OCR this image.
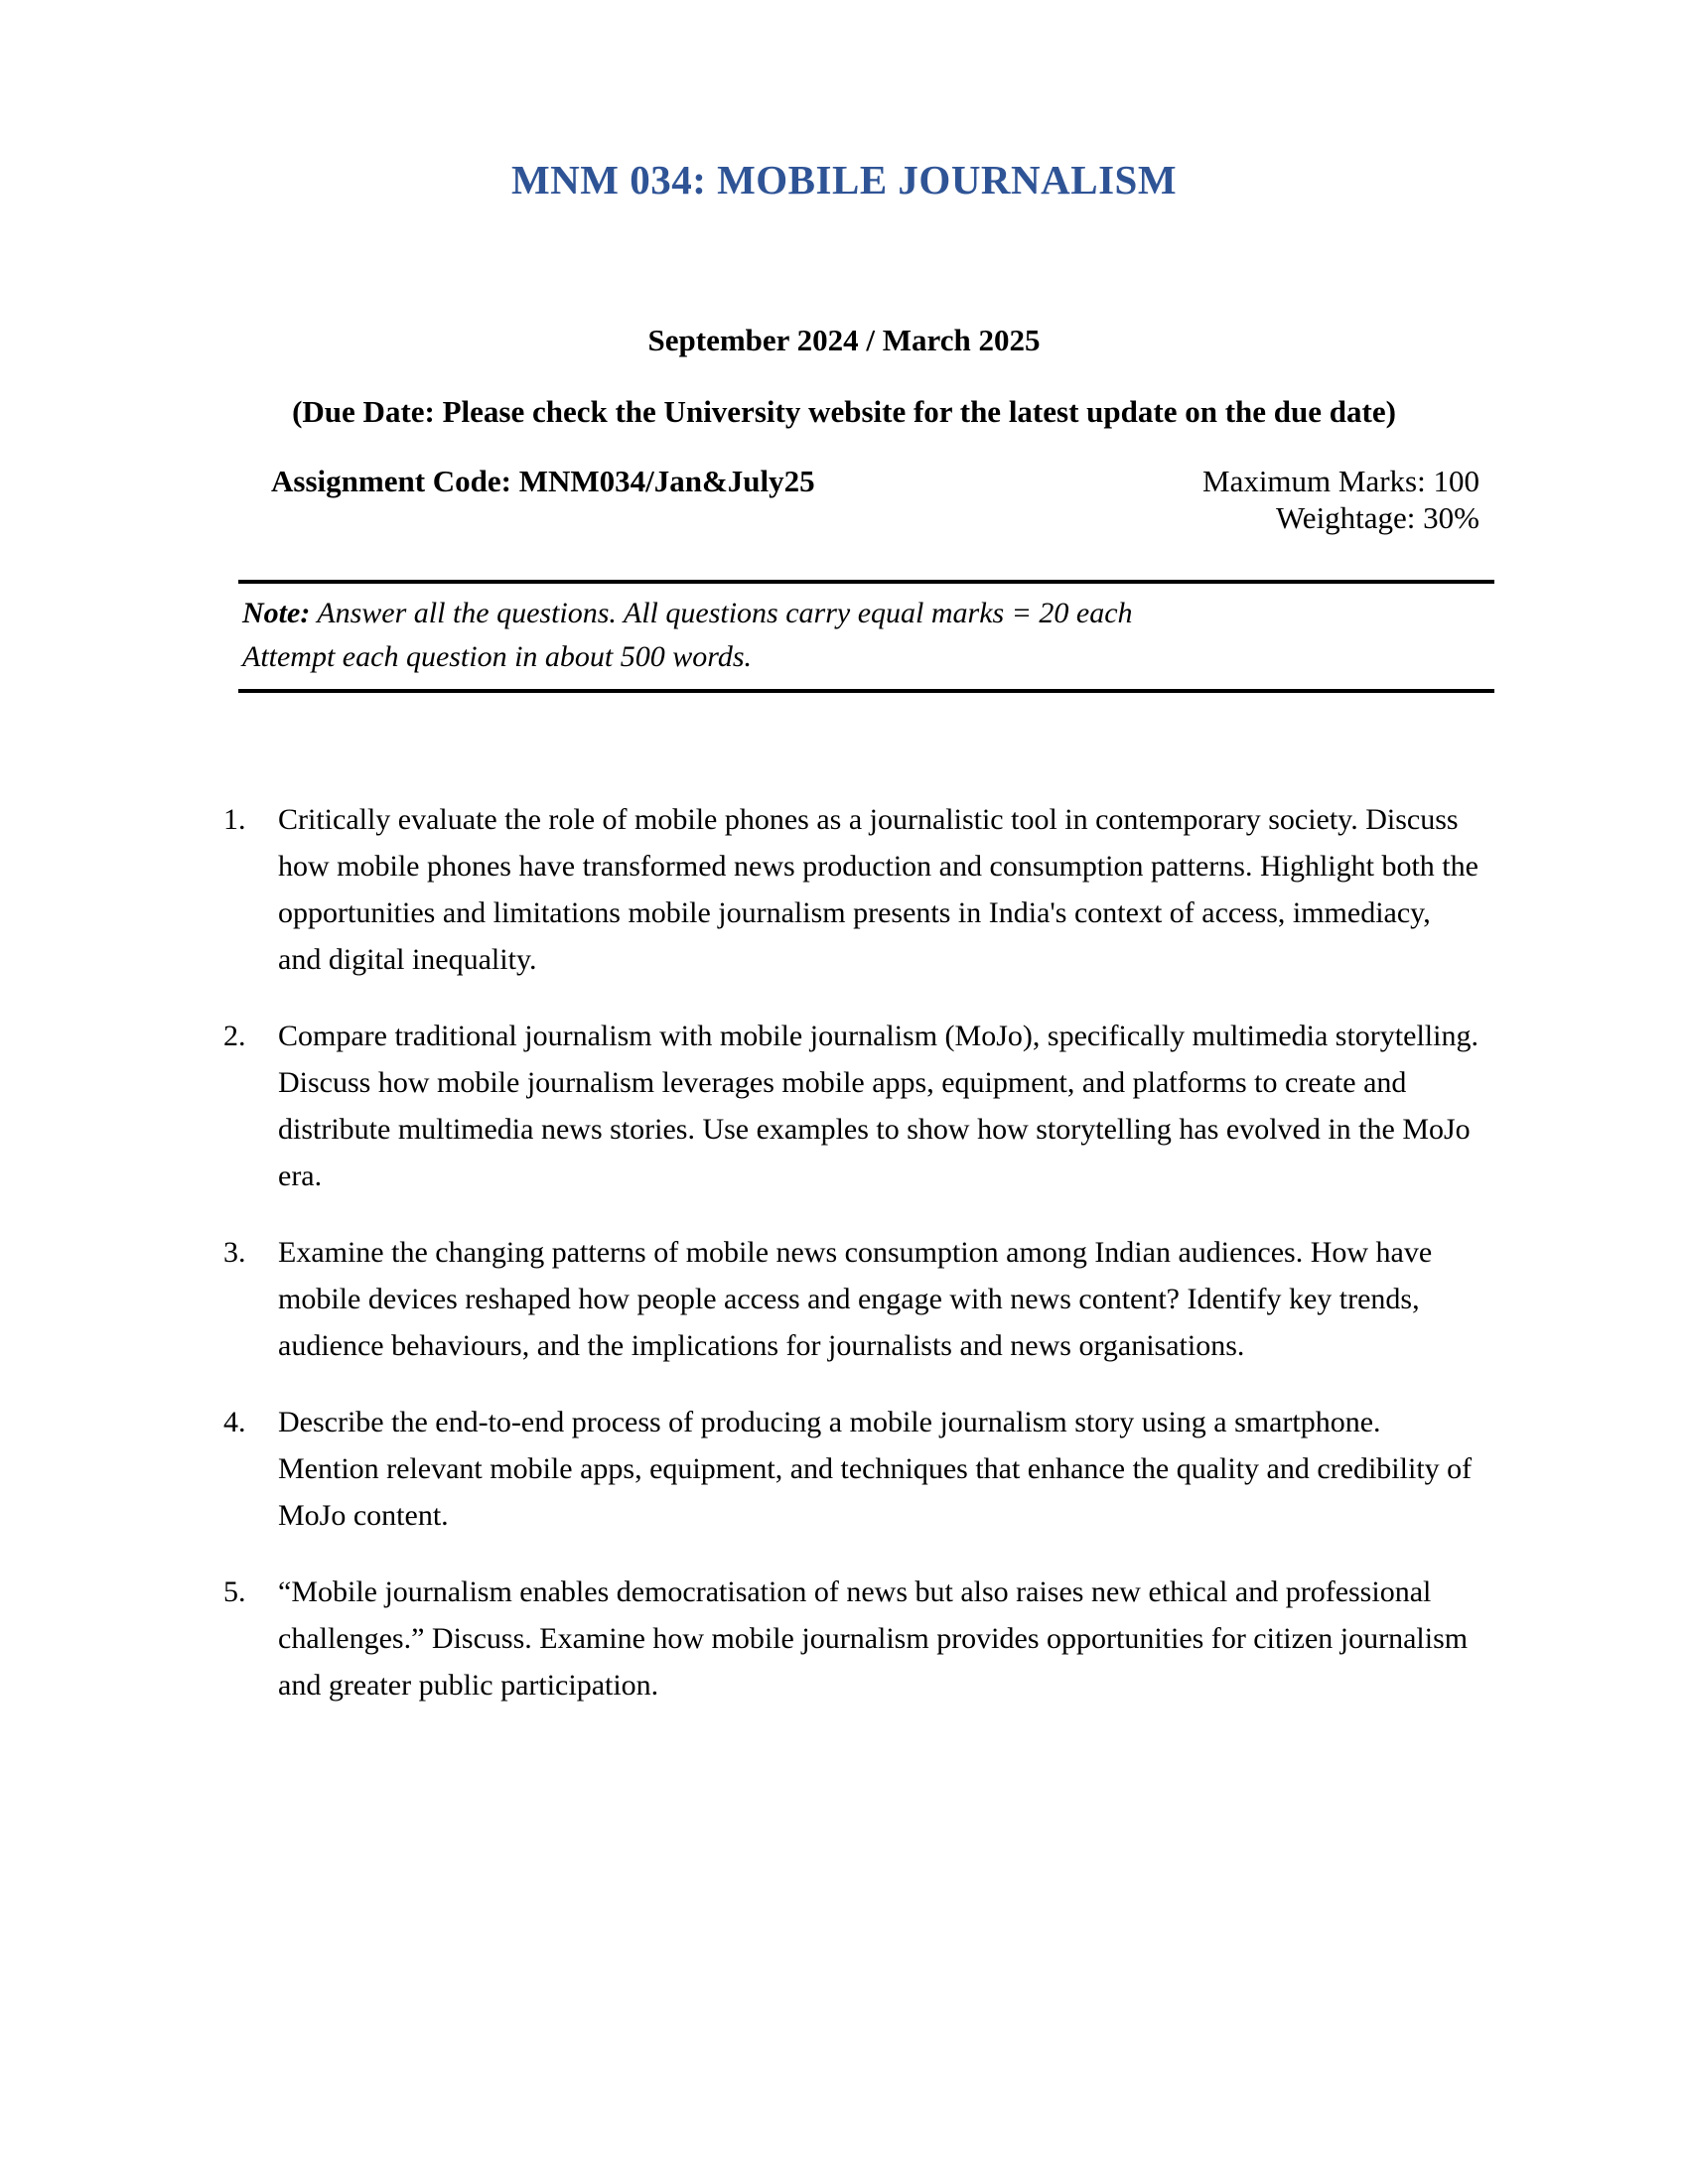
MNM 034: MOBILE JOURNALISM
September 2024 / March 2025
(Due Date: Please check the University website for the latest update on the due date)
Assignment Code: MNM034/Jan&July25	Maximum Marks: 100
Weightage: 30%

Note: Answer all the questions. All questions carry equal marks = 20 each

Attempt each question in about 500 words.

1.	Critically evaluate the role of mobile phones as a journalistic tool in contemporary society. Discuss how mobile phones have transformed news production and consumption patterns. Highlight both the opportunities and limitations mobile journalism presents in India's context of access, immediacy, and digital inequality.
2.	Compare traditional journalism with mobile journalism (MoJo), specifically multimedia storytelling. Discuss how mobile journalism leverages mobile apps, equipment, and platforms to create and distribute multimedia news stories. Use examples to show how storytelling has evolved in the MoJo era.
3.	Examine the changing patterns of mobile news consumption among Indian audiences. How have mobile devices reshaped how people access and engage with news content? Identify key trends, audience behaviours, and the implications for journalists and news organisations.
4.	Describe the end-to-end process of producing a mobile journalism story using a smartphone. Mention relevant mobile apps, equipment, and techniques that enhance the quality and credibility of MoJo content.
5.	“Mobile journalism enables democratisation of news but also raises new ethical and professional challenges.” Discuss. Examine how mobile journalism provides opportunities for citizen journalism and greater public participation.
